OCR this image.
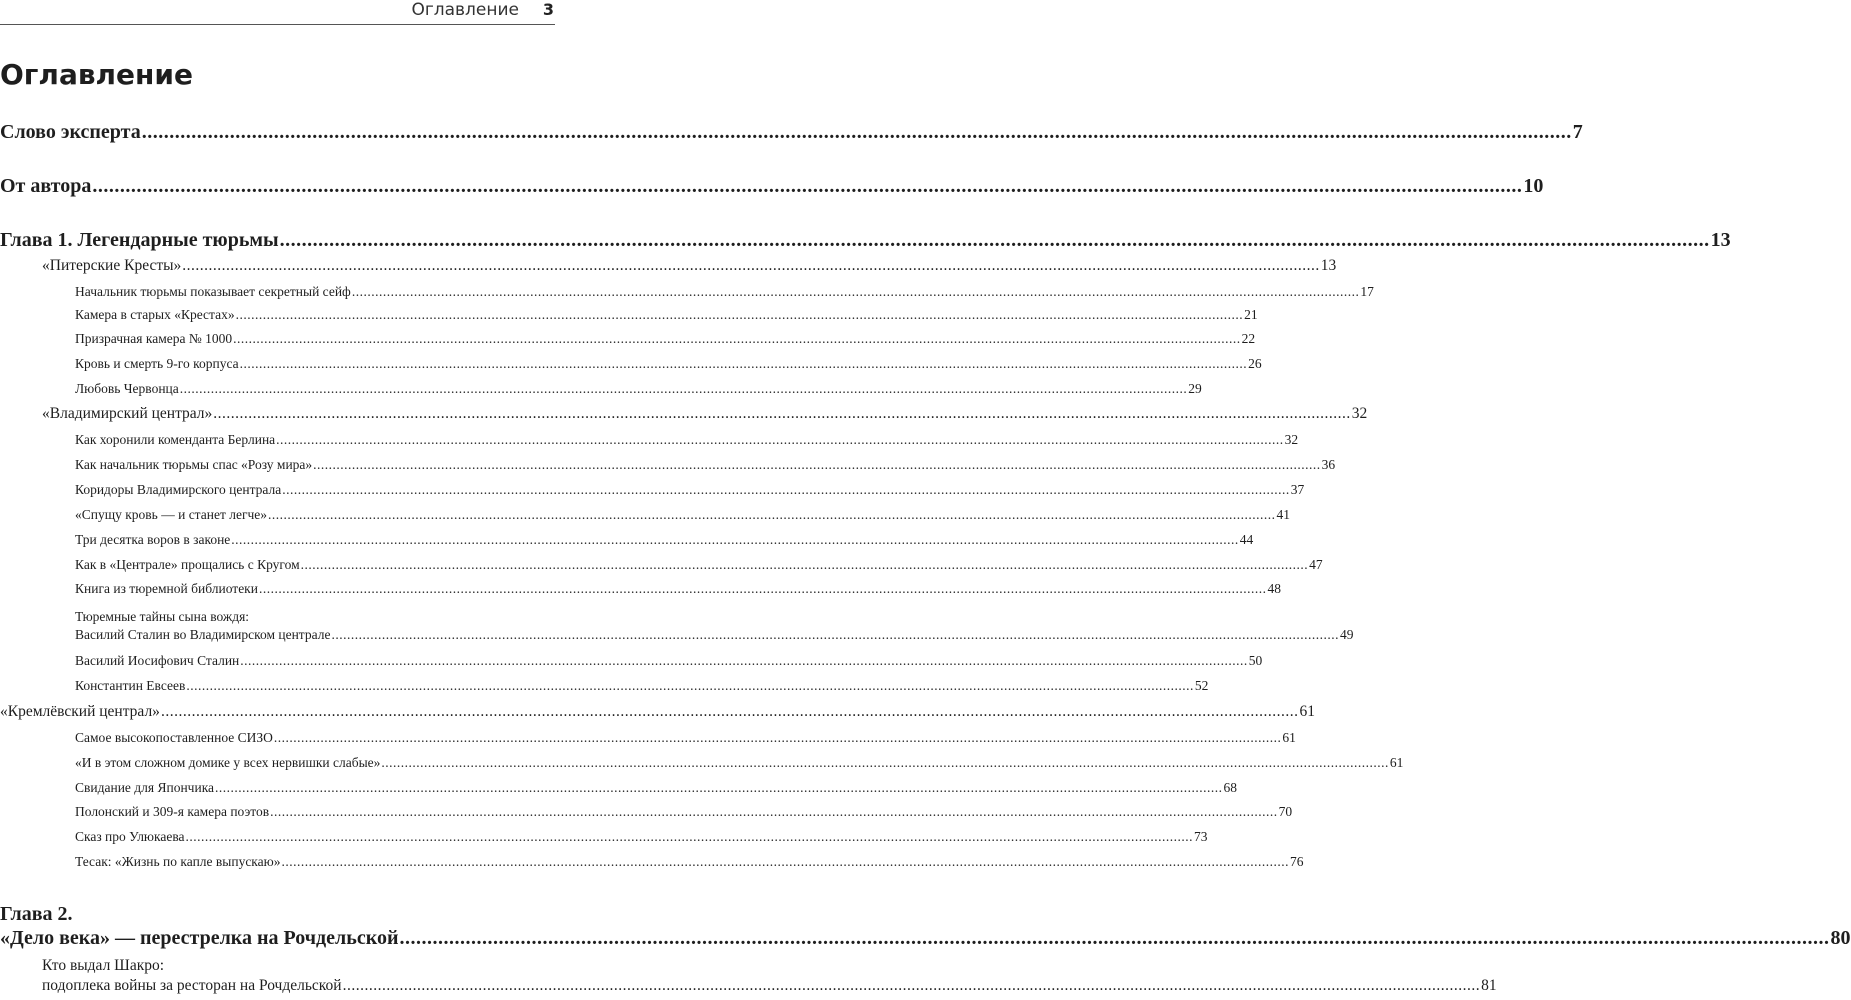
Оглавление 3
Оглавление
Слово эксперта .................................................................................................................................................................................................................................................................... 7
От автора .................................................................................................................................................................................................................................................................... 10
Глава 1. Легендарные тюрьмы .................................................................................................................................................................................................................................................................... 13
«Питерские Кресты» .................................................................................................................................................................................................................................................................... 13
Начальник тюрьмы показывает секретный сейф .................................................................................................................................................................................................................................................................... 17
Камера в старых «Крестах» .................................................................................................................................................................................................................................................................... 21
Призрачная камера № 1000 .................................................................................................................................................................................................................................................................... 22
Кровь и смерть 9-го корпуса .................................................................................................................................................................................................................................................................... 26
Любовь Червонца .................................................................................................................................................................................................................................................................... 29
«Владимирский централ» .................................................................................................................................................................................................................................................................... 32
Как хоронили коменданта Берлина .................................................................................................................................................................................................................................................................... 32
Как начальник тюрьмы спас «Розу мира» .................................................................................................................................................................................................................................................................... 36
Коридоры Владимирского централа .................................................................................................................................................................................................................................................................... 37
«Спущу кровь — и станет легче» .................................................................................................................................................................................................................................................................... 41
Три десятка воров в законе .................................................................................................................................................................................................................................................................... 44
Как в «Централе» прощались с Кругом .................................................................................................................................................................................................................................................................... 47
Книга из тюремной библиотеки .................................................................................................................................................................................................................................................................... 48
Тюремные тайны сына вождя:
Василий Сталин во Владимирском централе .................................................................................................................................................................................................................................................................... 49
Василий Иосифович Сталин .................................................................................................................................................................................................................................................................... 50
Константин Евсеев .................................................................................................................................................................................................................................................................... 52
«Кремлёвский централ» .................................................................................................................................................................................................................................................................... 61
Самое высокопоставленное СИЗО .................................................................................................................................................................................................................................................................... 61
«И в этом сложном домике у всех нервишки слабые» .................................................................................................................................................................................................................................................................... 61
Свидание для Япончика .................................................................................................................................................................................................................................................................... 68
Полонский и 309-я камера поэтов .................................................................................................................................................................................................................................................................... 70
Сказ про Улюкаева .................................................................................................................................................................................................................................................................... 73
Тесак: «Жизнь по капле выпускаю» .................................................................................................................................................................................................................................................................... 76
Глава 2.
«Дело века» — перестрелка на Рочдельской .................................................................................................................................................................................................................................................................... 80
Кто выдал Шакро:
подоплека войны за ресторан на Рочдельской .................................................................................................................................................................................................................................................................... 81
